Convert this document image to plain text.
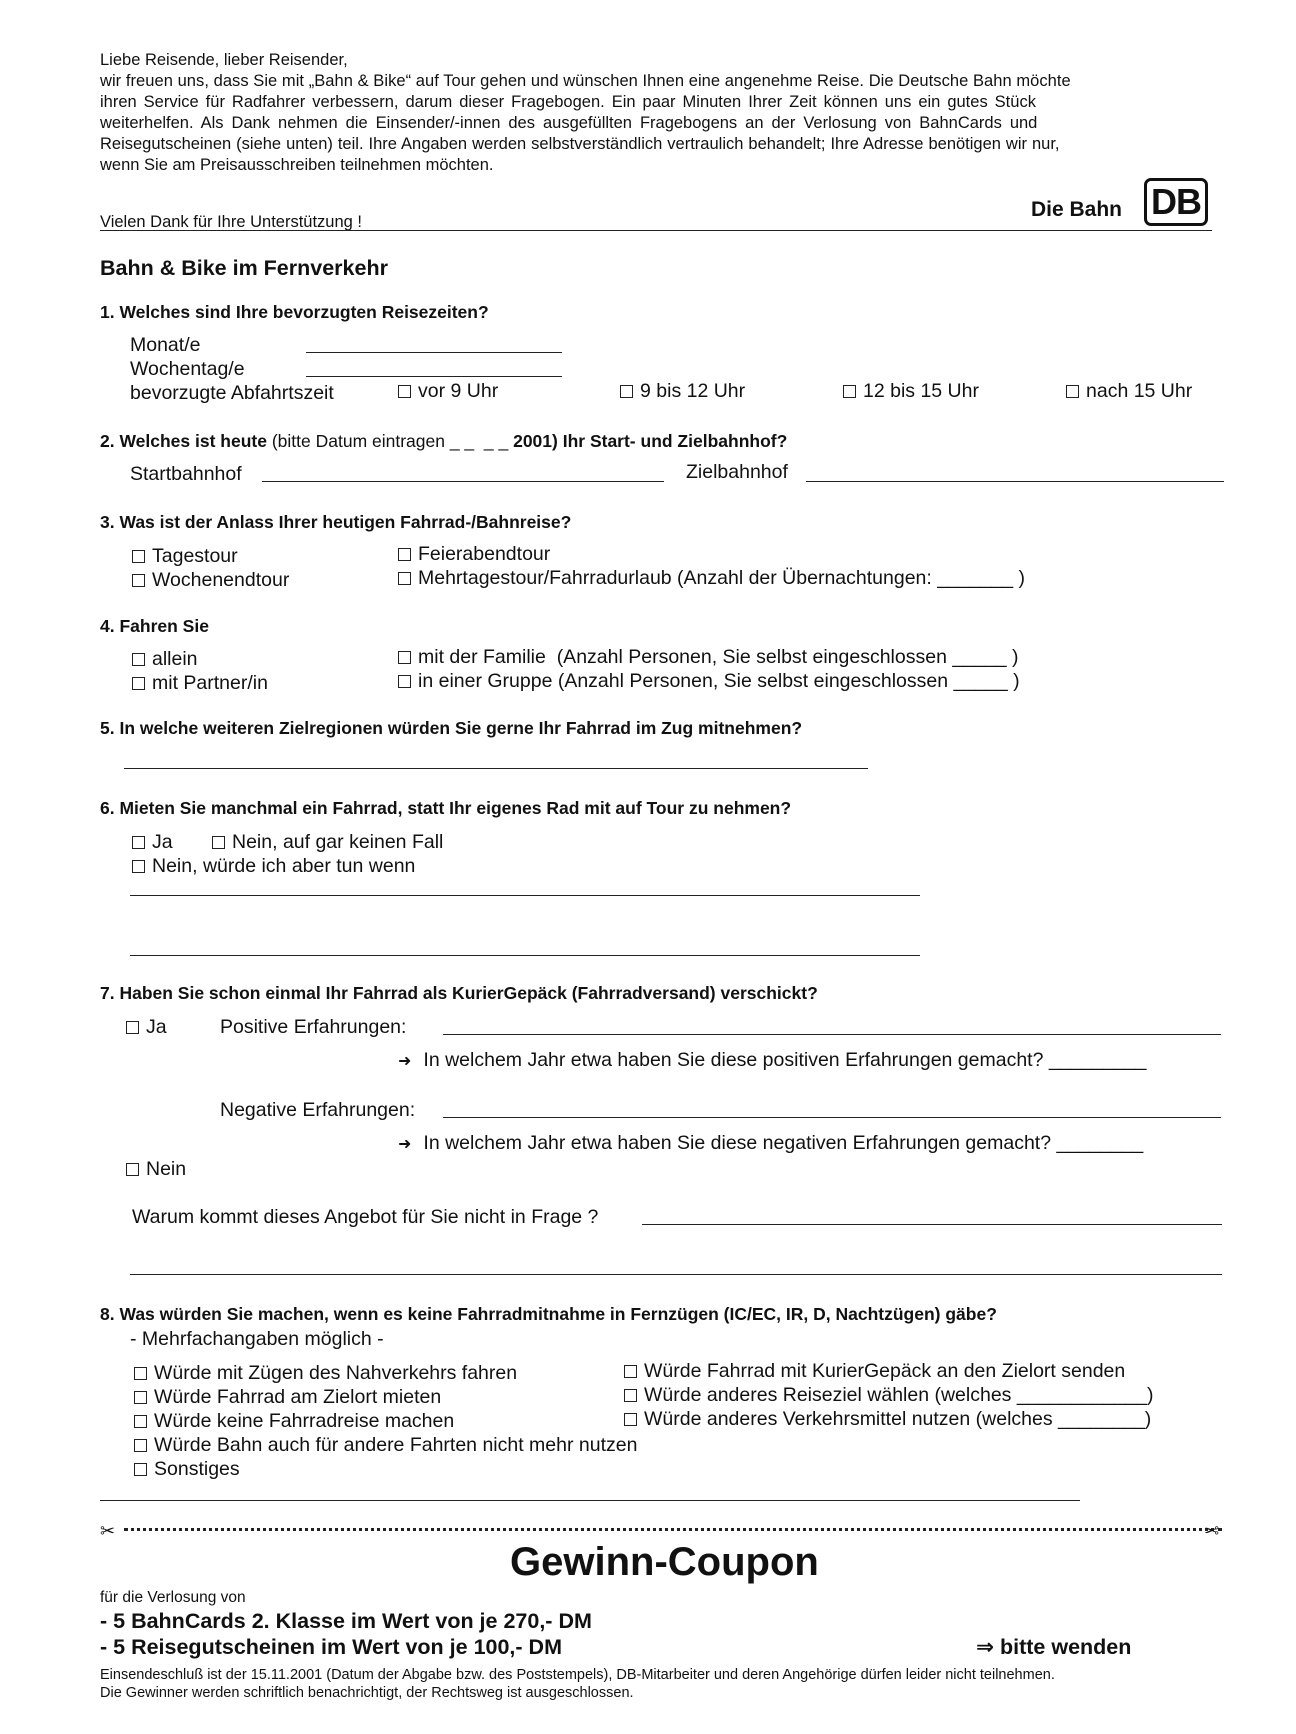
Liebe Reisende, lieber Reisender,

wir freuen uns, dass Sie mit „Bahn & Bike“ auf Tour gehen und wünschen Ihnen eine angenehme Reise. Die Deutsche Bahn möchte

ihren Service für Radfahrer verbessern, darum dieser Fragebogen. Ein paar Minuten Ihrer Zeit können uns ein gutes Stück

weiterhelfen. Als Dank nehmen die Einsender/-innen des ausgefüllten Fragebogens an der Verlosung von BahnCards und

Reisegutscheinen (siehe unten) teil. Ihre Angaben werden selbstverständlich vertraulich behandelt; Ihre Adresse benötigen wir nur,

wenn Sie am Preisausschreiben teilnehmen möchten.

Vielen Dank für Ihre Unterstützung !
Die Bahn DB
Bahn & Bike im Fernverkehr
1. Welches sind Ihre bevorzugten Reisezeiten?
Monat/e
Wochentag/e
bevorzugte Abfahrtszeit	vor 9 Uhr	9 bis 12 Uhr	12 bis 15 Uhr	nach 15 Uhr
2. Welches ist heute (bitte Datum eintragen _ _  _ _ 2001) Ihr Start- und Zielbahnhof?
Startbahnhof	Zielbahnhof
3. Was ist der Anlass Ihrer heutigen Fahrrad-/Bahnreise?
Tagestour	Feierabendtour
Wochenendtour	Mehrtagestour/Fahrradurlaub (Anzahl der Übernachtungen: _______ )
4. Fahren Sie
allein	mit der Familie  (Anzahl Personen, Sie selbst eingeschlossen _____ )
mit Partner/in	in einer Gruppe (Anzahl Personen, Sie selbst eingeschlossen _____ )
5. In welche weiteren Zielregionen würden Sie gerne Ihr Fahrrad im Zug mitnehmen?
6. Mieten Sie manchmal ein Fahrrad, statt Ihr eigenes Rad mit auf Tour zu nehmen?
Ja	Nein, auf gar keinen Fall
Nein, würde ich aber tun wenn
7. Haben Sie schon einmal Ihr Fahrrad als KurierGepäck (Fahrradversand) verschickt?
Ja	Positive Erfahrungen:
➜ In welchem Jahr etwa haben Sie diese positiven Erfahrungen gemacht? _________
Negative Erfahrungen:
➜ In welchem Jahr etwa haben Sie diese negativen Erfahrungen gemacht? ________
Nein
Warum kommt dieses Angebot für Sie nicht in Frage ?
8. Was würden Sie machen, wenn es keine Fahrradmitnahme in Fernzügen (IC/EC, IR, D, Nachtzügen) gäbe?
- Mehrfachangaben möglich -
Würde mit Zügen des Nahverkehrs fahren
Würde Fahrrad am Zielort mieten
Würde keine Fahrradreise machen
Würde Bahn auch für andere Fahrten nicht mehr nutzen
Sonstiges
Würde Fahrrad mit KurierGepäck an den Zielort senden
Würde anderes Reiseziel wählen (welches ____________)
Würde anderes Verkehrsmittel nutzen (welches ________)
✂	✂
Gewinn-Coupon
für die Verlosung von
- 5 BahnCards 2. Klasse im Wert von je 270,- DM
- 5 Reisegutscheinen im Wert von je 100,- DM	⇒ bitte wenden
Einsendeschluß ist der 15.11.2001 (Datum der Abgabe bzw. des Poststempels), DB-Mitarbeiter und deren Angehörige dürfen leider nicht teilnehmen.
Die Gewinner werden schriftlich benachrichtigt, der Rechtsweg ist ausgeschlossen.
